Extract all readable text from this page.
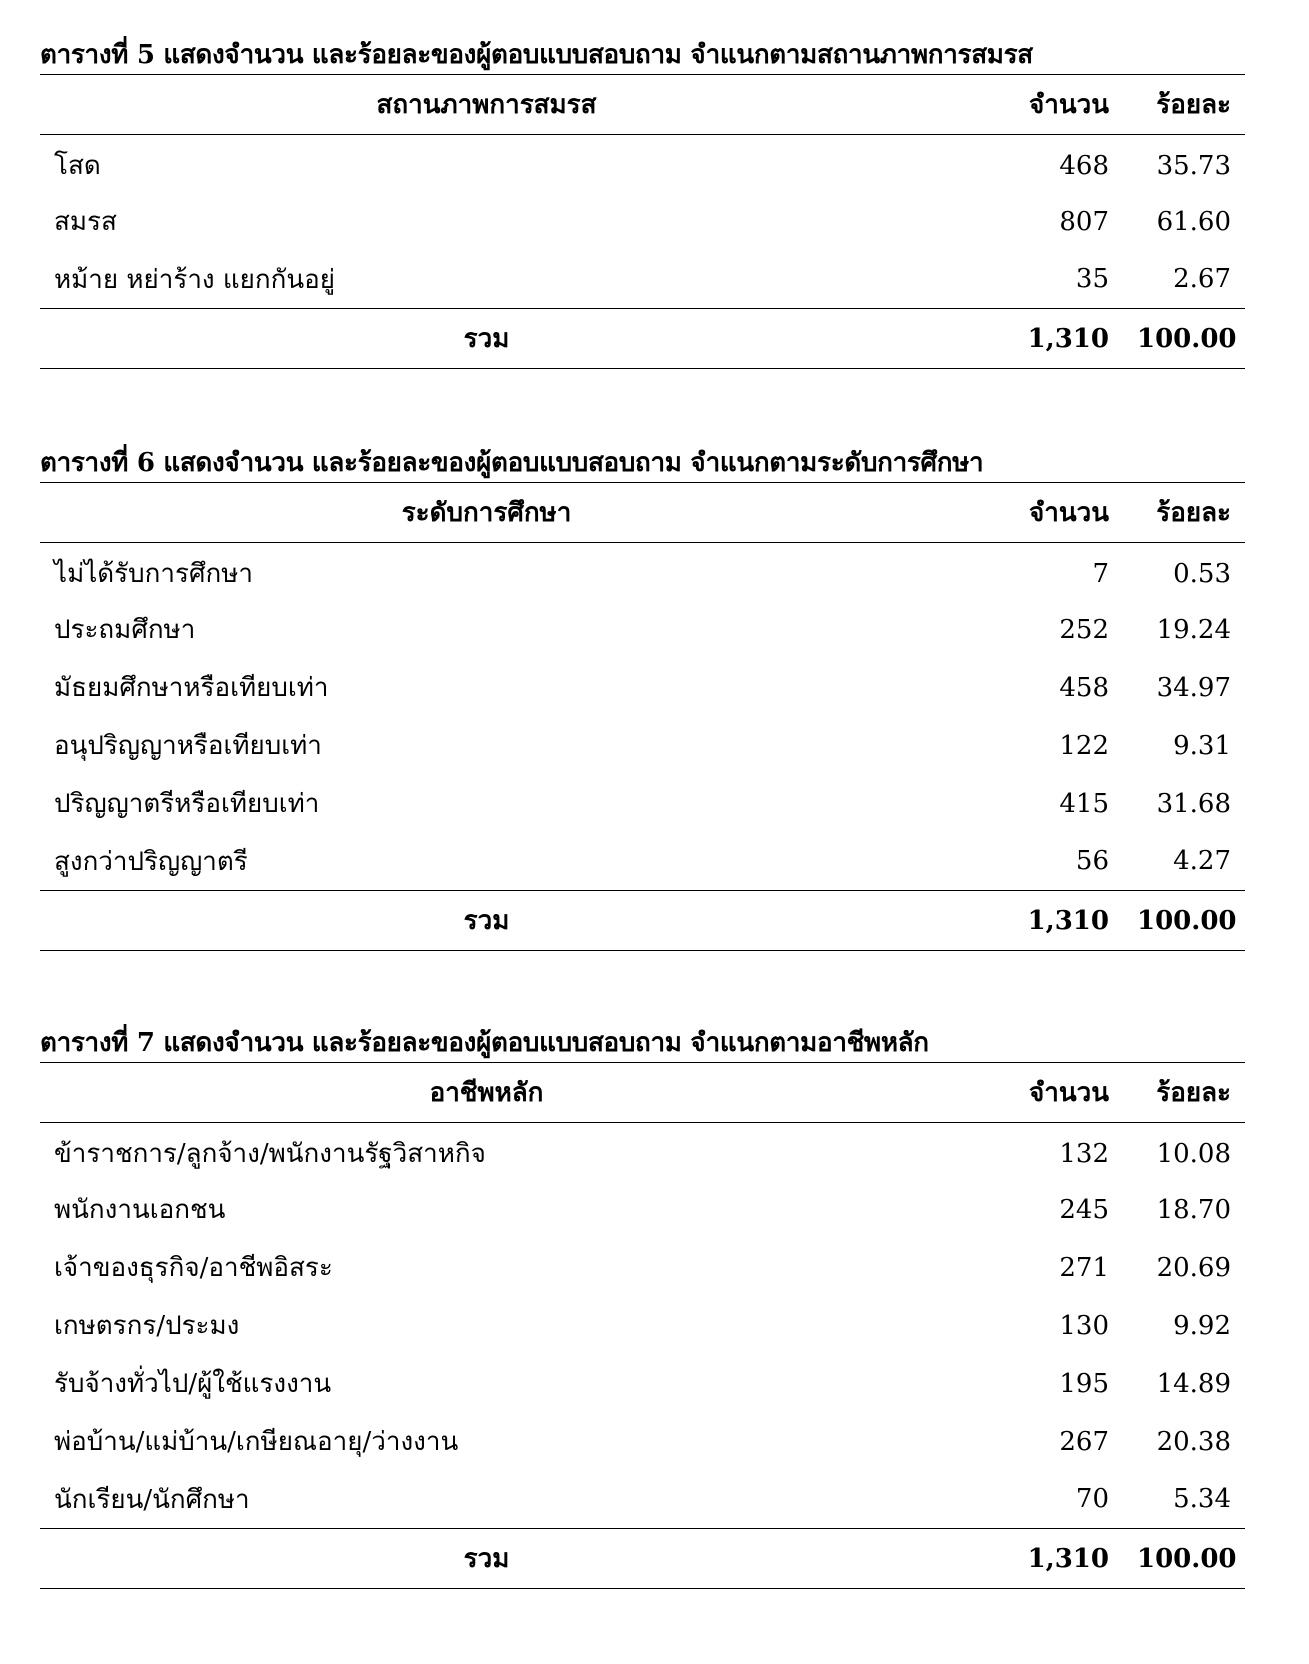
ตารางที่ 5 แสดงจำนวน และร้อยละของผู้ตอบแบบสอบถาม จำแนกตามสถานภาพการสมรส
สถานภาพการสมรส	จำนวน	ร้อยละ
โสด	468	35.73
สมรส	807	61.60
หม้าย หย่าร้าง แยกกันอยู่	35	2.67
รวม	1,310	100.00
ตารางที่ 6 แสดงจำนวน และร้อยละของผู้ตอบแบบสอบถาม จำแนกตามระดับการศึกษา
ระดับการศึกษา	จำนวน	ร้อยละ
ไม่ได้รับการศึกษา	7	0.53
ประถมศึกษา	252	19.24
มัธยมศึกษาหรือเทียบเท่า	458	34.97
อนุปริญญาหรือเทียบเท่า	122	9.31
ปริญญาตรีหรือเทียบเท่า	415	31.68
สูงกว่าปริญญาตรี	56	4.27
รวม	1,310	100.00
ตารางที่ 7 แสดงจำนวน และร้อยละของผู้ตอบแบบสอบถาม จำแนกตามอาชีพหลัก
อาชีพหลัก	จำนวน	ร้อยละ
ข้าราชการ/ลูกจ้าง/พนักงานรัฐวิสาหกิจ	132	10.08
พนักงานเอกชน	245	18.70
เจ้าของธุรกิจ/อาชีพอิสระ	271	20.69
เกษตรกร/ประมง	130	9.92
รับจ้างทั่วไป/ผู้ใช้แรงงาน	195	14.89
พ่อบ้าน/แม่บ้าน/เกษียณอายุ/ว่างงาน	267	20.38
นักเรียน/นักศึกษา	70	5.34
รวม	1,310	100.00
